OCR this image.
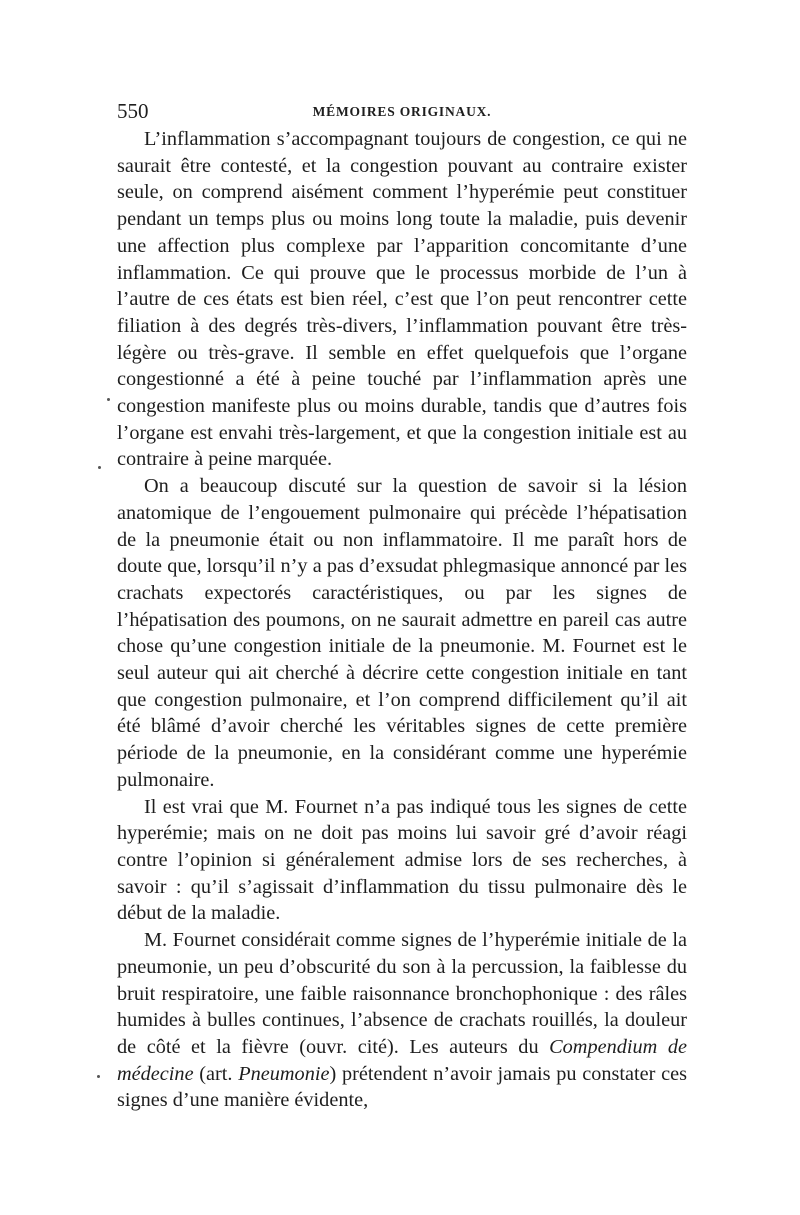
550	MÉMOIRES ORIGINAUX.

L’inflammation s’accompagnant toujours de congestion, ce qui ne saurait être contesté, et la congestion pouvant au contraire exister seule, on comprend aisément comment l’hyperémie peut constituer pendant un temps plus ou moins long toute la maladie, puis devenir une affection plus complexe par l’apparition concomitante d’une inflammation. Ce qui prouve que le processus morbide de l’un à l’autre de ces états est bien réel, c’est que l’on peut rencontrer cette filiation à des degrés très-divers, l’inflammation pouvant être très-légère ou très-grave. Il semble en effet quelquefois que l’organe congestionné a été à peine touché par l’inflammation après une congestion manifeste plus ou moins durable, tandis que d’autres fois l’organe est envahi très-largement, et que la congestion initiale est au contraire à peine marquée.

On a beaucoup discuté sur la question de savoir si la lésion anatomique de l’engouement pulmonaire qui précède l’hépatisation de la pneumonie était ou non inflammatoire. Il me paraît hors de doute que, lorsqu’il n’y a pas d’exsudat phlegmasique annoncé par les crachats expectorés caractéristiques, ou par les signes de l’hépatisation des poumons, on ne saurait admettre en pareil cas autre chose qu’une congestion initiale de la pneumonie. M. Fournet est le seul auteur qui ait cherché à décrire cette congestion initiale en tant que congestion pulmonaire, et l’on comprend difficilement qu’il ait été blâmé d’avoir cherché les véritables signes de cette première période de la pneumonie, en la considérant comme une hyperémie pulmonaire.

Il est vrai que M. Fournet n’a pas indiqué tous les signes de cette hyperémie; mais on ne doit pas moins lui savoir gré d’avoir réagi contre l’opinion si généralement admise lors de ses recherches, à savoir : qu’il s’agissait d’inflammation du tissu pulmonaire dès le début de la maladie.

M. Fournet considérait comme signes de l’hyperémie initiale de la pneumonie, un peu d’obscurité du son à la percussion, la faiblesse du bruit respiratoire, une faible raisonnance bronchophonique : des râles humides à bulles continues, l’absence de crachats rouillés, la douleur de côté et la fièvre (ouvr. cité). Les auteurs du Compendium de médecine (art. Pneumonie) prétendent n’avoir jamais pu constater ces signes d’une manière évidente,
